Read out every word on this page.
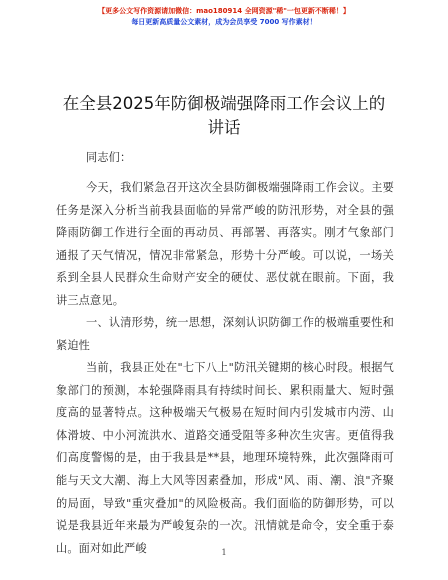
【更多公文写作资源请加微信：mao180914 全网资源"稀"一包更新不断稀！】
每日更新高质量公文素材，成为会员享受 7000 写作素材！
在全县2025年防御极端强降雨工作会议上的讲话
同志们：
今天，我们紧急召开这次全县防御极端强降雨工作会议。主要任务是深入分析当前我县面临的异常严峻的防汛形势，对全县的强降雨防御工作进行全面的再动员、再部署、再落实。刚才气象部门通报了天气情况，情况非常紧急，形势十分严峻。可以说，一场关系到全县人民群众生命财产安全的硬仗、恶仗就在眼前。下面，我讲三点意见。
一、认清形势，统一思想，深刻认识防御工作的极端重要性和紧迫性
当前，我县正处在"七下八上"防汛关键期的核心时段。根据气象部门的预测，本轮强降雨具有持续时间长、累积雨量大、短时强度高的显著特点。这种极端天气极易在短时间内引发城市内涝、山体滑坡、中小河流洪水、道路交通受阻等多种次生灾害。更值得我们高度警惕的是，由于我县是**县，地理环境特殊，此次强降雨可能与天文大潮、海上大风等因素叠加，形成"风、雨、潮、浪"齐聚的局面，导致"重灾叠加"的风险极高。我们面临的防御形势，可以说是我县近年来最为严峻复杂的一次。汛情就是命令，安全重于泰山。面对如此严峻	1
